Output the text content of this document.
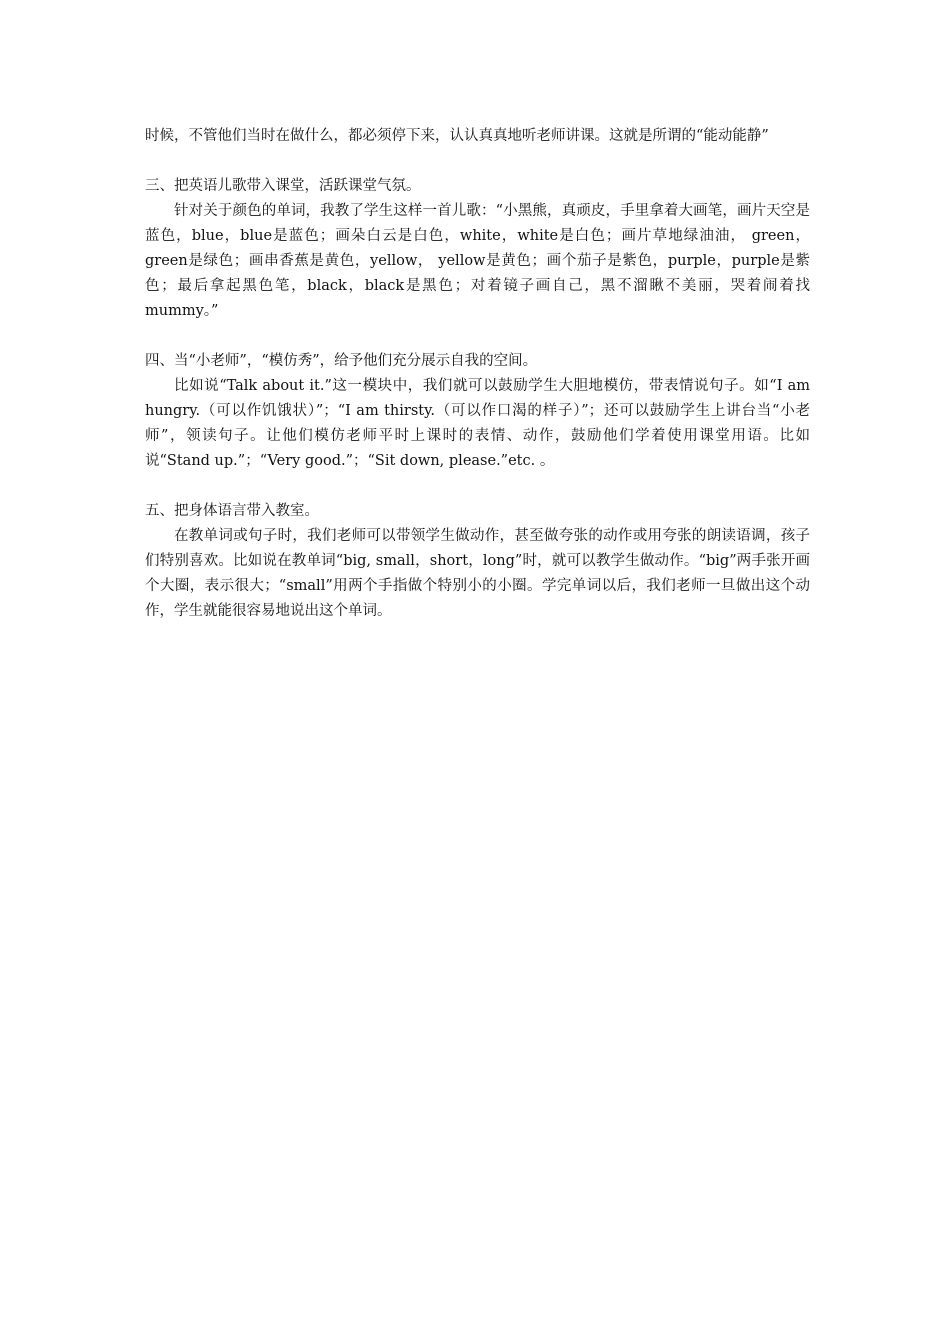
时候，不管他们当时在做什么，都必须停下来，认认真真地听老师讲课。这就是所谓的“能动能静”

三、把英语儿歌带入课堂，活跃课堂气氛。

针对关于颜色的单词，我教了学生这样一首儿歌：“小黑熊，真顽皮，手里拿着大画笔，画片天空是蓝色，blue，blue是蓝色；画朵白云是白色，white，white是白色；画片草地绿油油， green，green是绿色；画串香蕉是黄色，yellow， yellow是黄色；画个茄子是紫色，purple，purple是紫色；最后拿起黑色笔，black，black是黑色；对着镜子画自己，黑不溜瞅不美丽，哭着闹着找mummy。”

四、当“小老师”，“模仿秀”，给予他们充分展示自我的空间。

比如说“Talk about it.”这一模块中，我们就可以鼓励学生大胆地模仿，带表情说句子。如“I am hungry.（可以作饥饿状）”；“I am thirsty.（可以作口渴的样子）”；还可以鼓励学生上讲台当“小老师”，领读句子。让他们模仿老师平时上课时的表情、动作，鼓励他们学着使用课堂用语。比如说“Stand up.”；“Very good.”；“Sit down, please.”etc. 。

五、把身体语言带入教室。

在教单词或句子时，我们老师可以带领学生做动作，甚至做夸张的动作或用夸张的朗读语调，孩子们特别喜欢。比如说在教单词“big, small，short，long”时，就可以教学生做动作。“big”两手张开画个大圈，表示很大；“small”用两个手指做个特别小的小圈。学完单词以后，我们老师一旦做出这个动作，学生就能很容易地说出这个单词。
